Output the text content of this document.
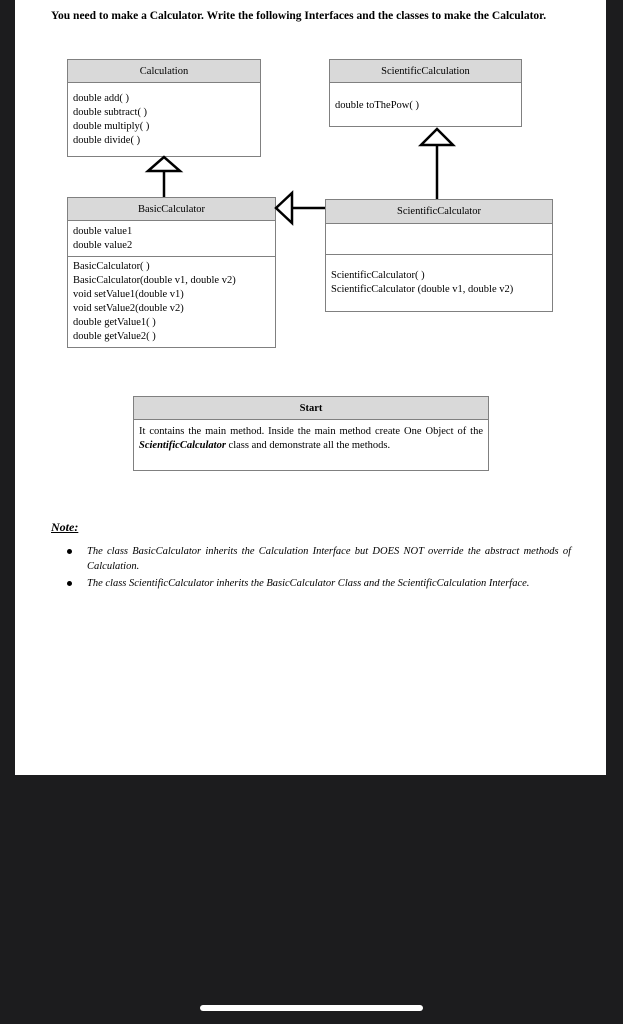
You need to make a Calculator. Write the following Interfaces and the classes to make the Calculator.
Calculation
double add( )
double subtract( )
double multiply( )
double divide( )
ScientificCalculation
double toThePow( )
BasicCalculator
double value1
double value2
BasicCalculator( )
BasicCalculator(double v1, double v2)
void setValue1(double v1)
void setValue2(double v2)
double getValue1( )
double getValue2( )
ScientificCalculator
ScientificCalculator( )
ScientificCalculator (double v1, double v2)
Start
It contains the main method. Inside the main method create One Object of the ScientificCalculator class and demonstrate all the methods.
Note:
The class BasicCalculator inherits the Calculation Interface but DOES NOT override the abstract methods of Calculation.
The class ScientificCalculator inherits the BasicCalculator Class and the ScientificCalculation Interface.
